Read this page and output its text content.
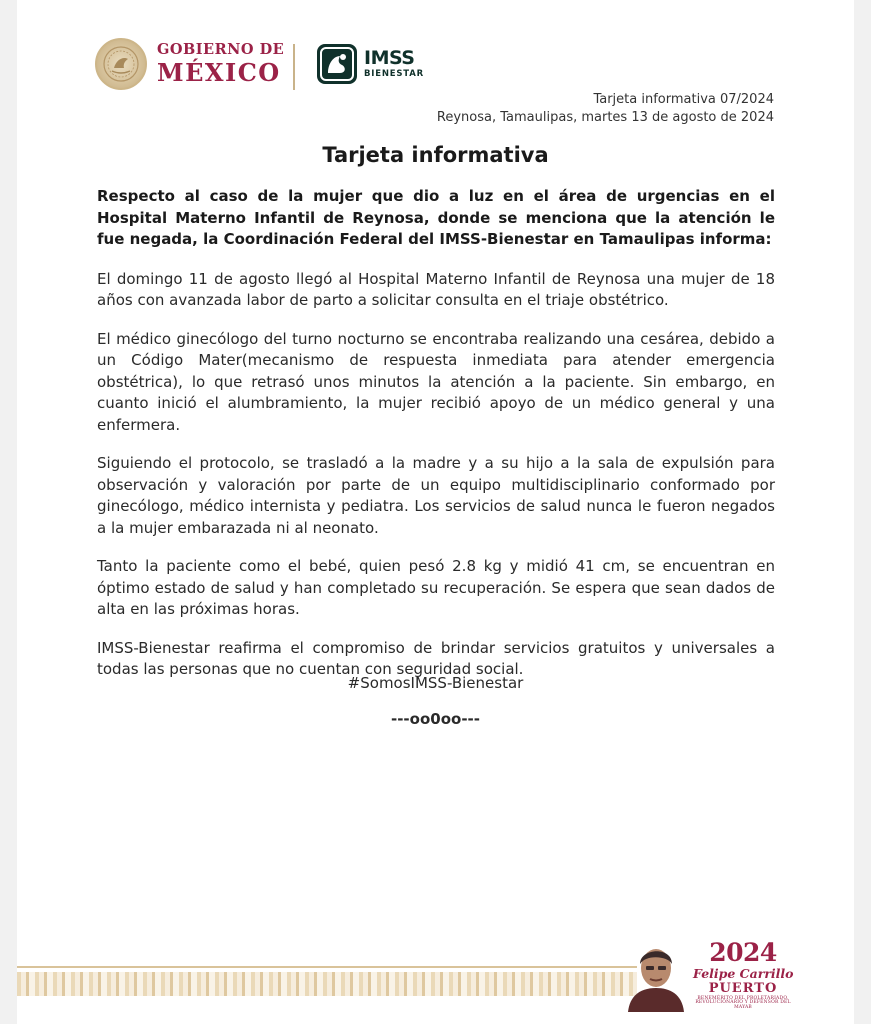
GOBIERNO DE
MÉXICO	IMSS
BIENESTAR
Tarjeta informativa 07/2024
Reynosa, Tamaulipas, martes 13 de agosto de 2024
Tarjeta informativa

Respecto al caso de la mujer que dio a luz en el área de urgencias en el Hospital Materno Infantil de Reynosa, donde se menciona que la atención le fue negada, la Coordinación Federal del IMSS-Bienestar en Tamaulipas informa:

El domingo 11 de agosto llegó al Hospital Materno Infantil de Reynosa una mujer de 18 años con avanzada labor de parto a solicitar consulta en el triaje obstétrico.

El médico ginecólogo del turno nocturno se encontraba realizando una cesárea, debido a un Código Mater(mecanismo de respuesta inmediata para atender emergencia obstétrica), lo que retrasó unos minutos la atención a la paciente. Sin embargo, en cuanto inició el alumbramiento, la mujer recibió apoyo de un médico general y una enfermera.

Siguiendo el protocolo, se trasladó a la madre y a su hijo a la sala de expulsión para observación y valoración por parte de un equipo multidisciplinario conformado por ginecólogo, médico internista y pediatra. Los servicios de salud nunca le fueron negados a la mujer embarazada ni al neonato.

Tanto la paciente como el bebé, quien pesó 2.8 kg y midió 41 cm, se encuentran en óptimo estado de salud y han completado su recuperación. Se espera que sean dados de alta en las próximas horas.

IMSS-Bienestar reafirma el compromiso de brindar servicios gratuitos y universales a todas las personas que no cuentan con seguridad social.

#SomosIMSS-Bienestar
---oo0oo---
2024
Felipe Carrillo
PUERTO
BENEMÉRITO DEL PROLETARIADO, REVOLUCIONARIO Y DEFENSOR DEL MAYAB
